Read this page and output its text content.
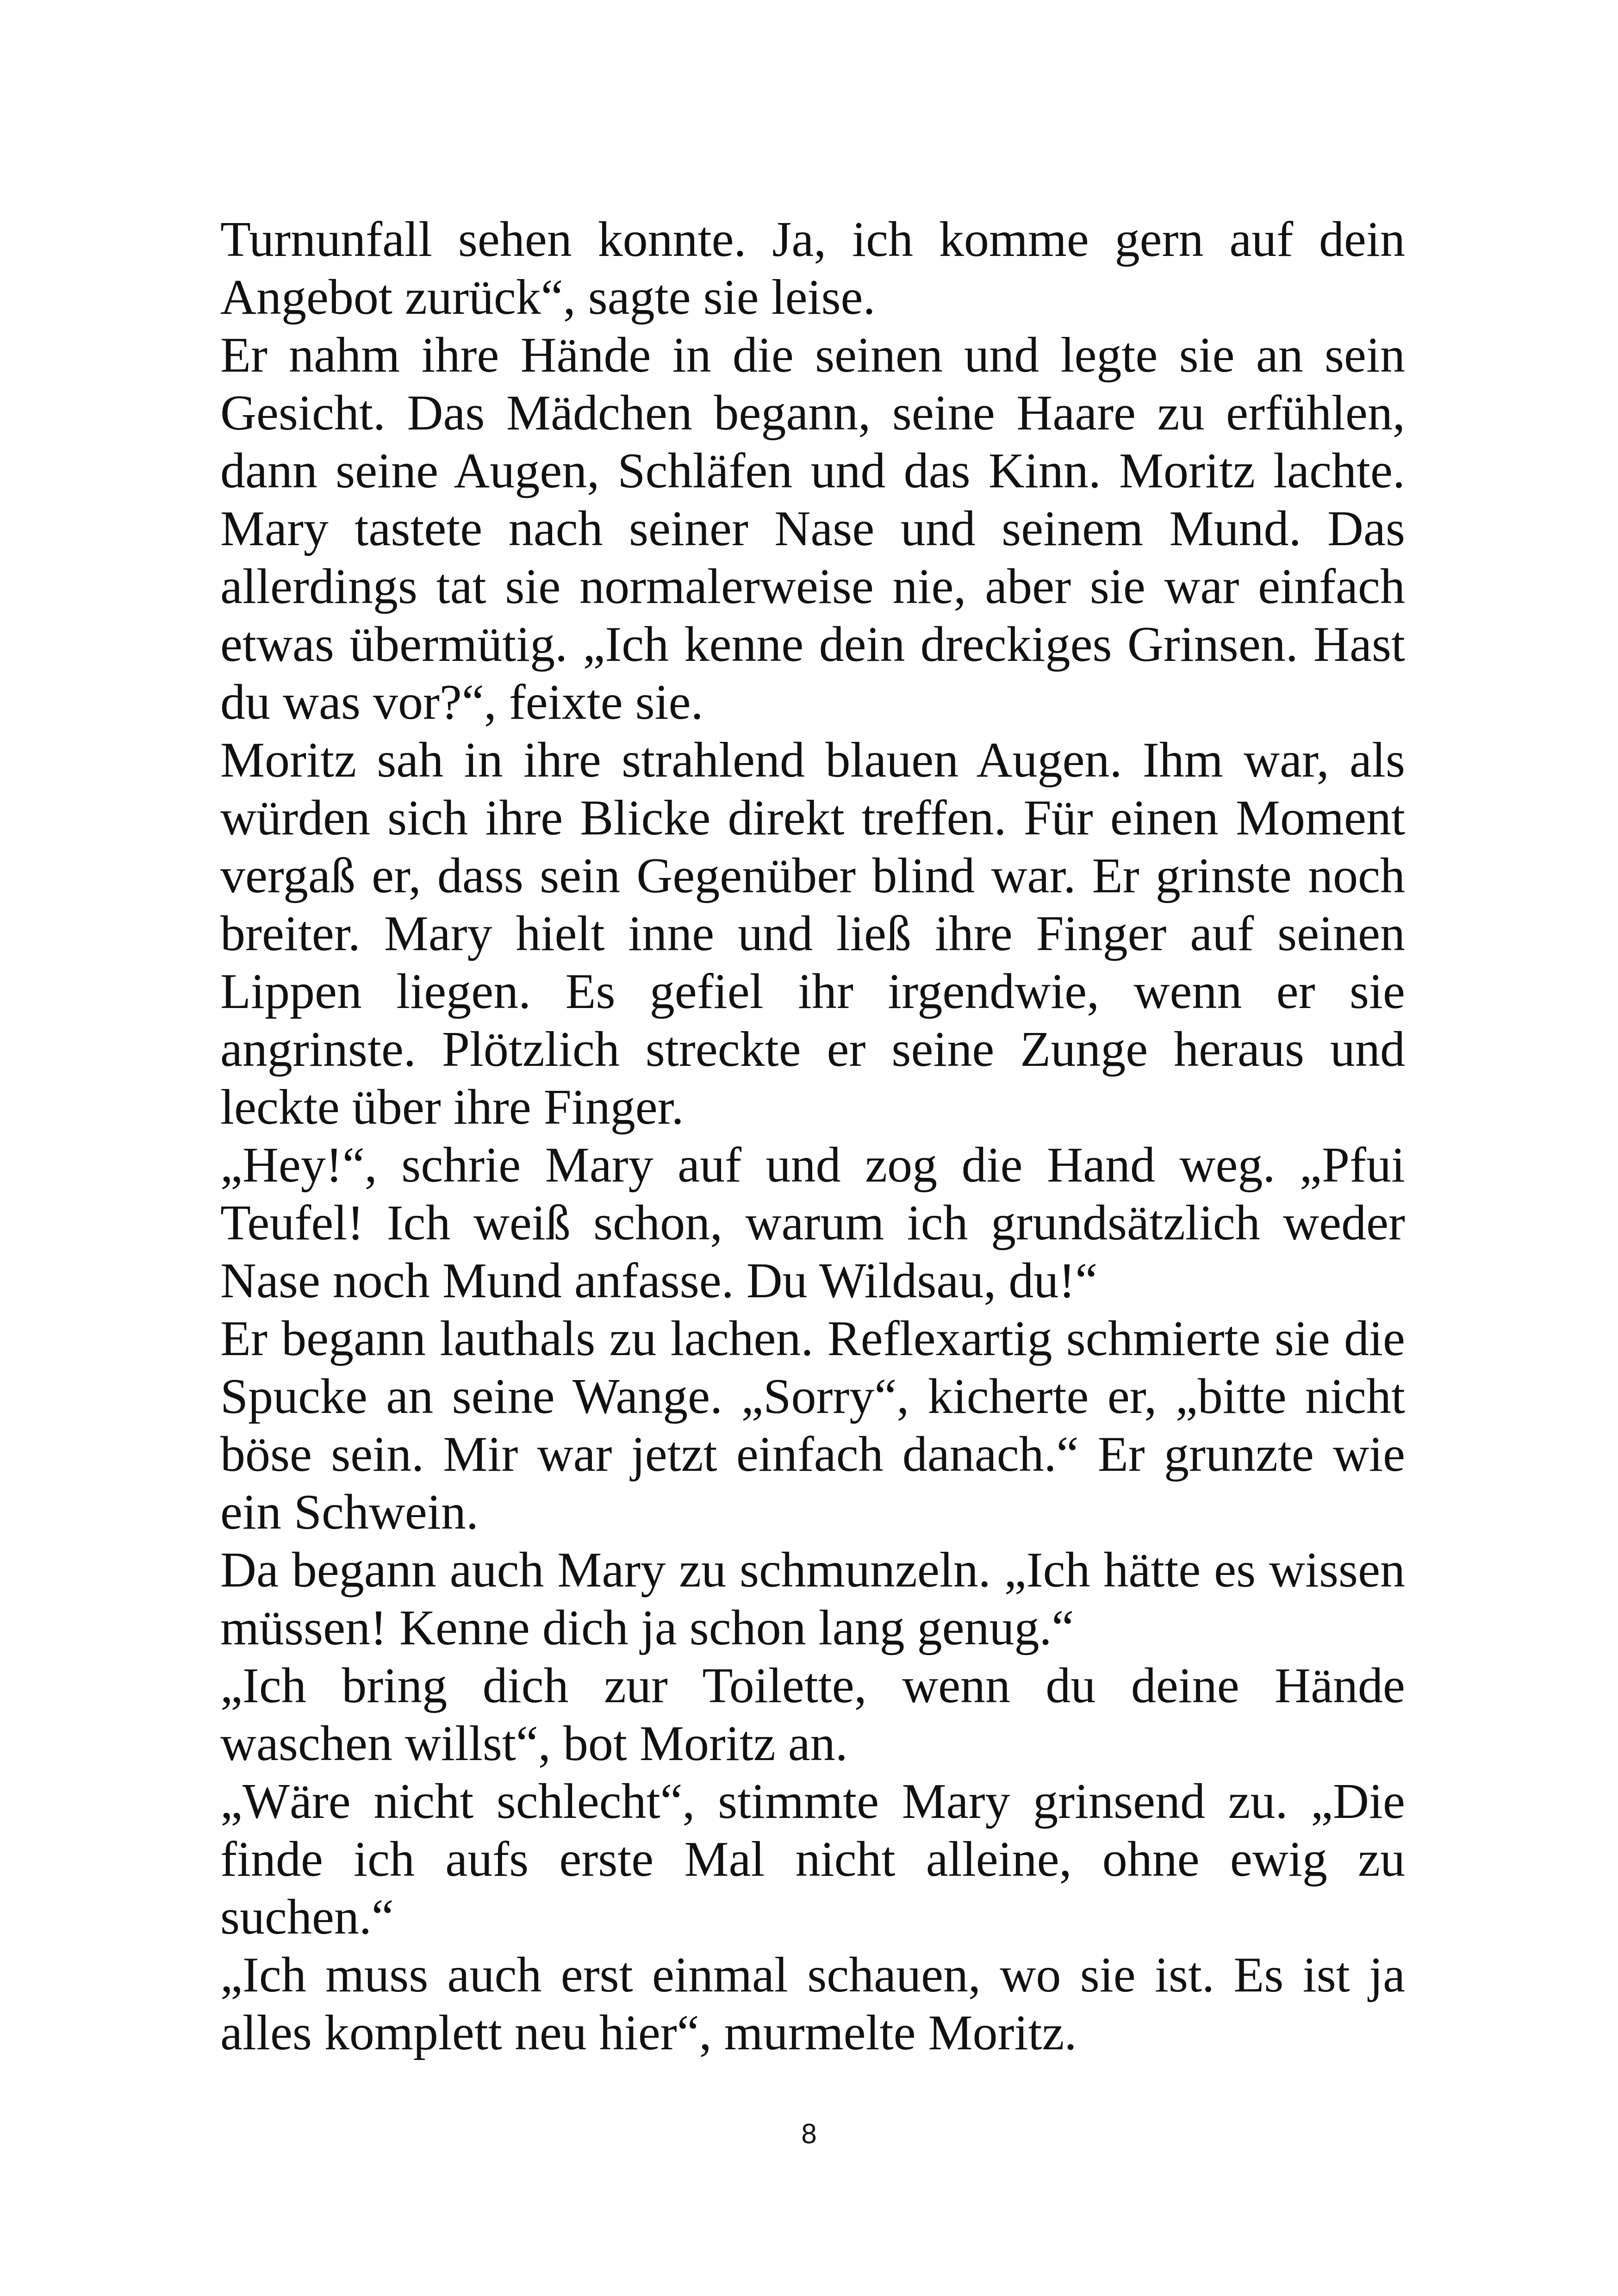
Turnunfall sehen konnte. Ja, ich komme gern auf dein
Angebot zurück“, sagte sie leise.
Er nahm ihre Hände in die seinen und legte sie an sein
Gesicht. Das Mädchen begann, seine Haare zu erfühlen,
dann seine Augen, Schläfen und das Kinn. Moritz lachte.
Mary tastete nach seiner Nase und seinem Mund. Das
allerdings tat sie normalerweise nie, aber sie war einfach
etwas übermütig. „Ich kenne dein dreckiges Grinsen. Hast
du was vor?“, feixte sie.
Moritz sah in ihre strahlend blauen Augen. Ihm war, als
würden sich ihre Blicke direkt treffen. Für einen Moment
vergaß er, dass sein Gegenüber blind war. Er grinste noch
breiter. Mary hielt inne und ließ ihre Finger auf seinen
Lippen liegen. Es gefiel ihr irgendwie, wenn er sie
angrinste. Plötzlich streckte er seine Zunge heraus und
leckte über ihre Finger.
„Hey!“, schrie Mary auf und zog die Hand weg. „Pfui
Teufel! Ich weiß schon, warum ich grundsätzlich weder
Nase noch Mund anfasse. Du Wildsau, du!“
Er begann lauthals zu lachen. Reflexartig schmierte sie die
Spucke an seine Wange. „Sorry“, kicherte er, „bitte nicht
böse sein. Mir war jetzt einfach danach.“ Er grunzte wie
ein Schwein.
Da begann auch Mary zu schmunzeln. „Ich hätte es wissen
müssen! Kenne dich ja schon lang genug.“
„Ich bring dich zur Toilette, wenn du deine Hände
waschen willst“, bot Moritz an.
„Wäre nicht schlecht“, stimmte Mary grinsend zu. „Die
finde ich aufs erste Mal nicht alleine, ohne ewig zu
suchen.“
„Ich muss auch erst einmal schauen, wo sie ist. Es ist ja
alles komplett neu hier“, murmelte Moritz.
8
